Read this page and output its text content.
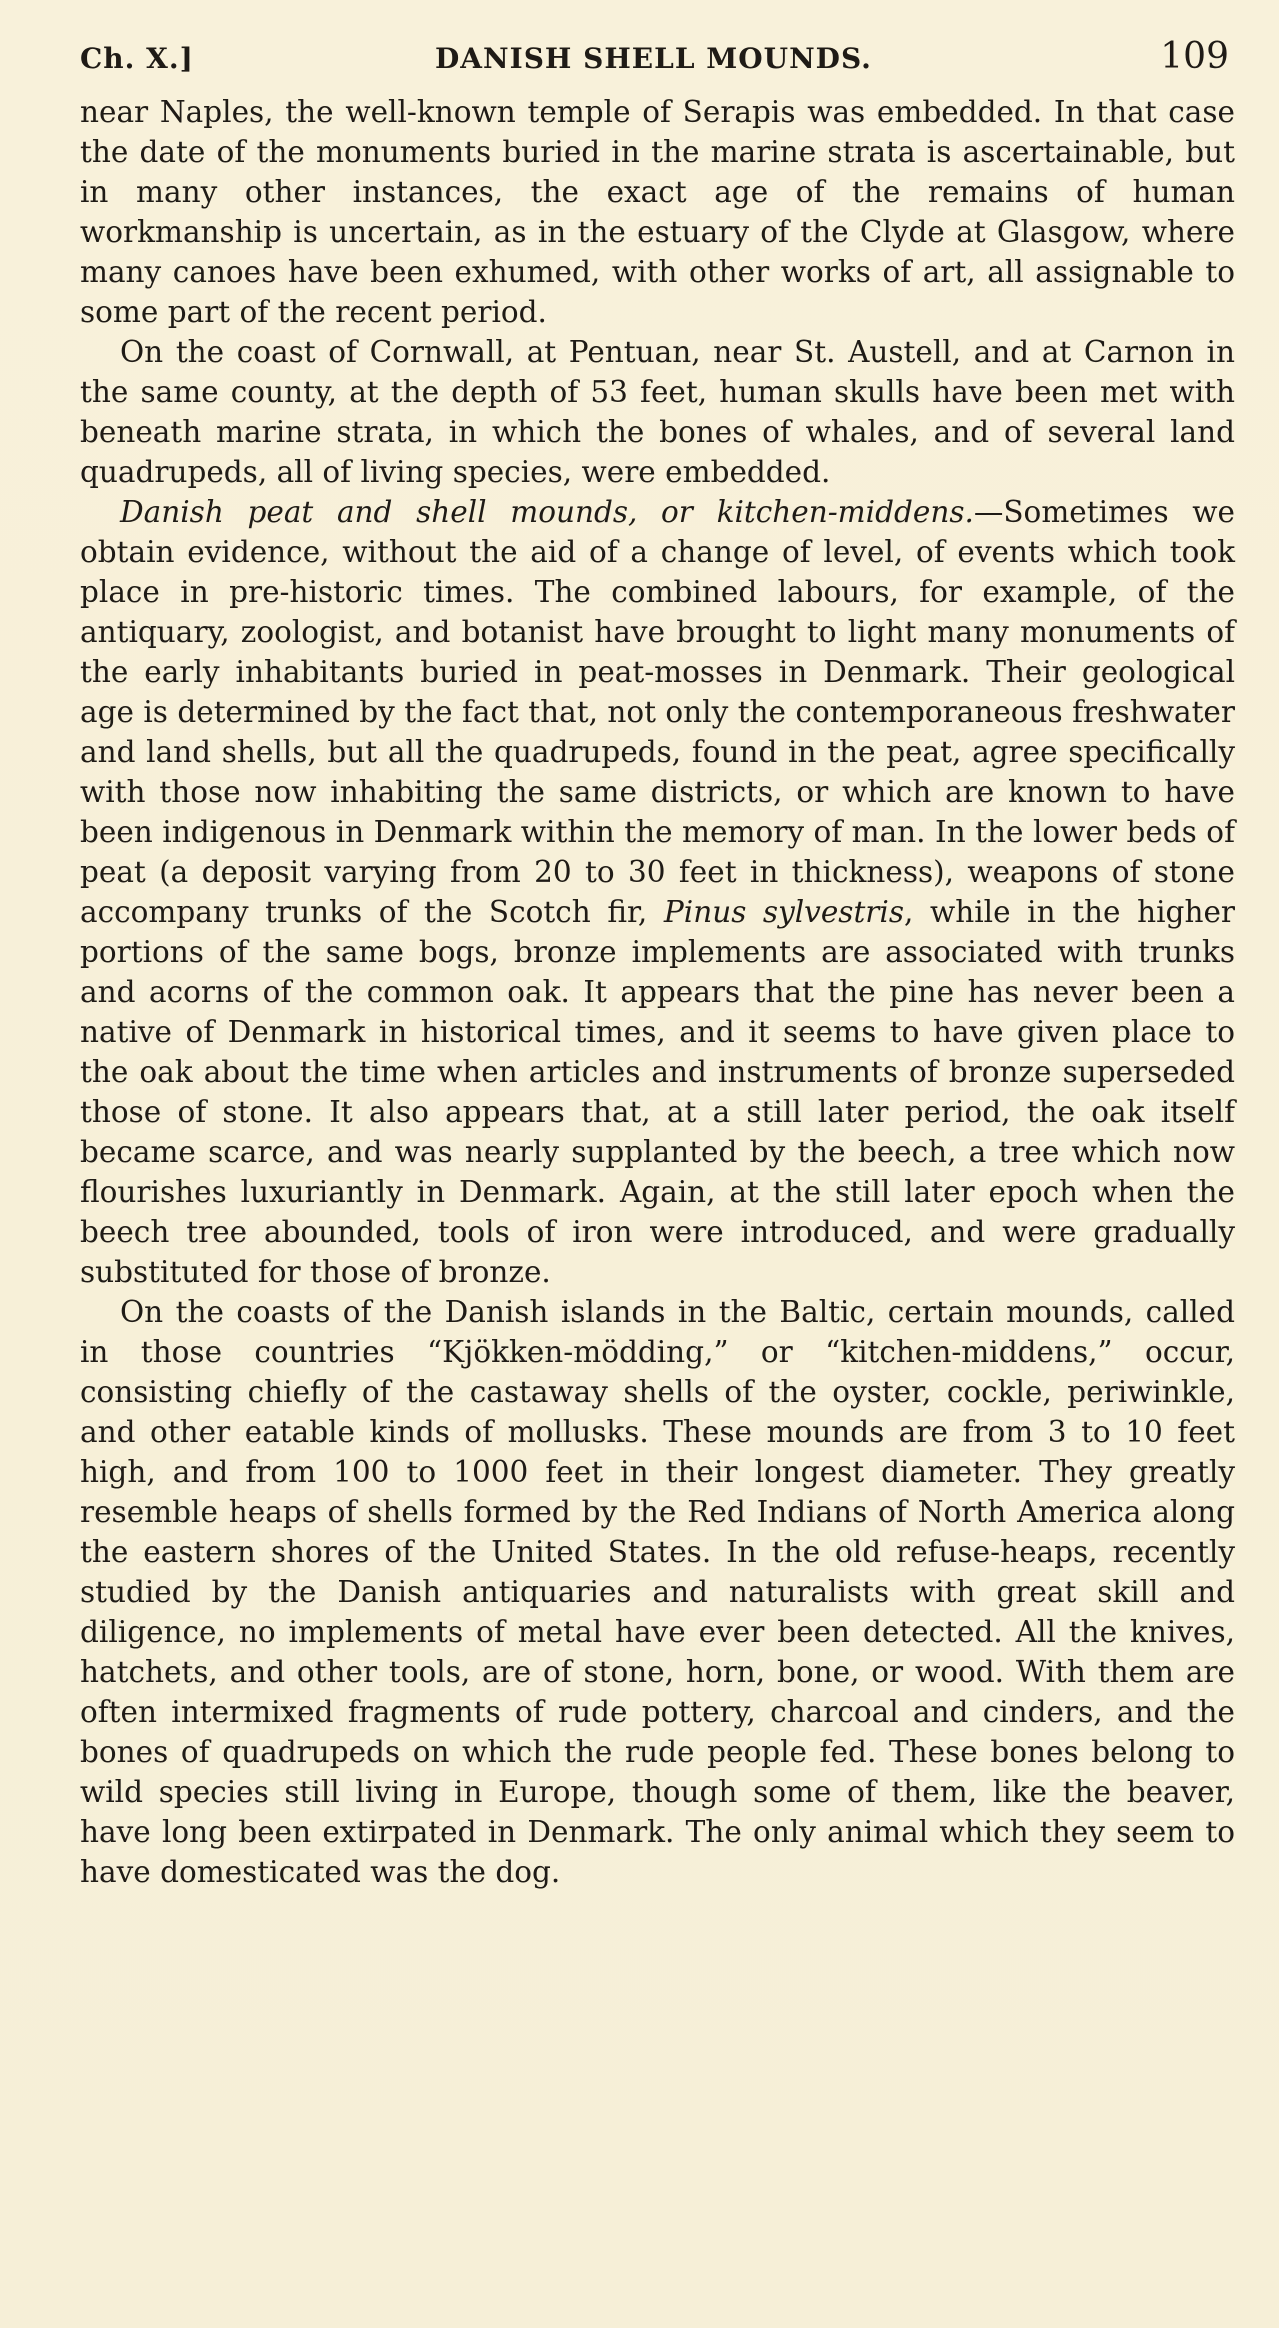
Ch. X.]	DANISH SHELL MOUNDS.	109

near Naples, the well-known temple of Serapis was embedded. In that case the date of the monuments buried in the marine strata is ascertainable, but in many other instances, the exact age of the remains of human workmanship is uncertain, as in the estuary of the Clyde at Glasgow, where many canoes have been exhumed, with other works of art, all assignable to some part of the recent period.

On the coast of Cornwall, at Pentuan, near St. Austell, and at Carnon in the same county, at the depth of 53 feet, human skulls have been met with beneath marine strata, in which the bones of whales, and of several land quadrupeds, all of living species, were embedded.

Danish peat and shell mounds, or kitchen-middens.—Sometimes we obtain evidence, without the aid of a change of level, of events which took place in pre-historic times. The combined labours, for example, of the antiquary, zoologist, and botanist have brought to light many monuments of the early inhabitants buried in peat-mosses in Denmark. Their geological age is determined by the fact that, not only the contemporaneous freshwater and land shells, but all the quadrupeds, found in the peat, agree specifically with those now inhabiting the same districts, or which are known to have been indigenous in Denmark within the memory of man. In the lower beds of peat (a deposit varying from 20 to 30 feet in thickness), weapons of stone accompany trunks of the Scotch fir, Pinus sylvestris, while in the higher portions of the same bogs, bronze implements are associated with trunks and acorns of the common oak. It appears that the pine has never been a native of Denmark in historical times, and it seems to have given place to the oak about the time when articles and instruments of bronze superseded those of stone. It also appears that, at a still later period, the oak itself became scarce, and was nearly supplanted by the beech, a tree which now flourishes luxuriantly in Denmark. Again, at the still later epoch when the beech tree abounded, tools of iron were introduced, and were gradually substituted for those of bronze.

On the coasts of the Danish islands in the Baltic, certain mounds, called in those countries “Kjökken-mödding,” or “kitchen-middens,” occur, consisting chiefly of the castaway shells of the oyster, cockle, periwinkle, and other eatable kinds of mollusks. These mounds are from 3 to 10 feet high, and from 100 to 1000 feet in their longest diameter. They greatly resemble heaps of shells formed by the Red Indians of North America along the eastern shores of the United States. In the old refuse-heaps, recently studied by the Danish antiquaries and naturalists with great skill and diligence, no implements of metal have ever been detected. All the knives, hatchets, and other tools, are of stone, horn, bone, or wood. With them are often intermixed fragments of rude pottery, charcoal and cinders, and the bones of quadrupeds on which the rude people fed. These bones belong to wild species still living in Europe, though some of them, like the beaver, have long been extirpated in Denmark. The only animal which they seem to have domesticated was the dog.
